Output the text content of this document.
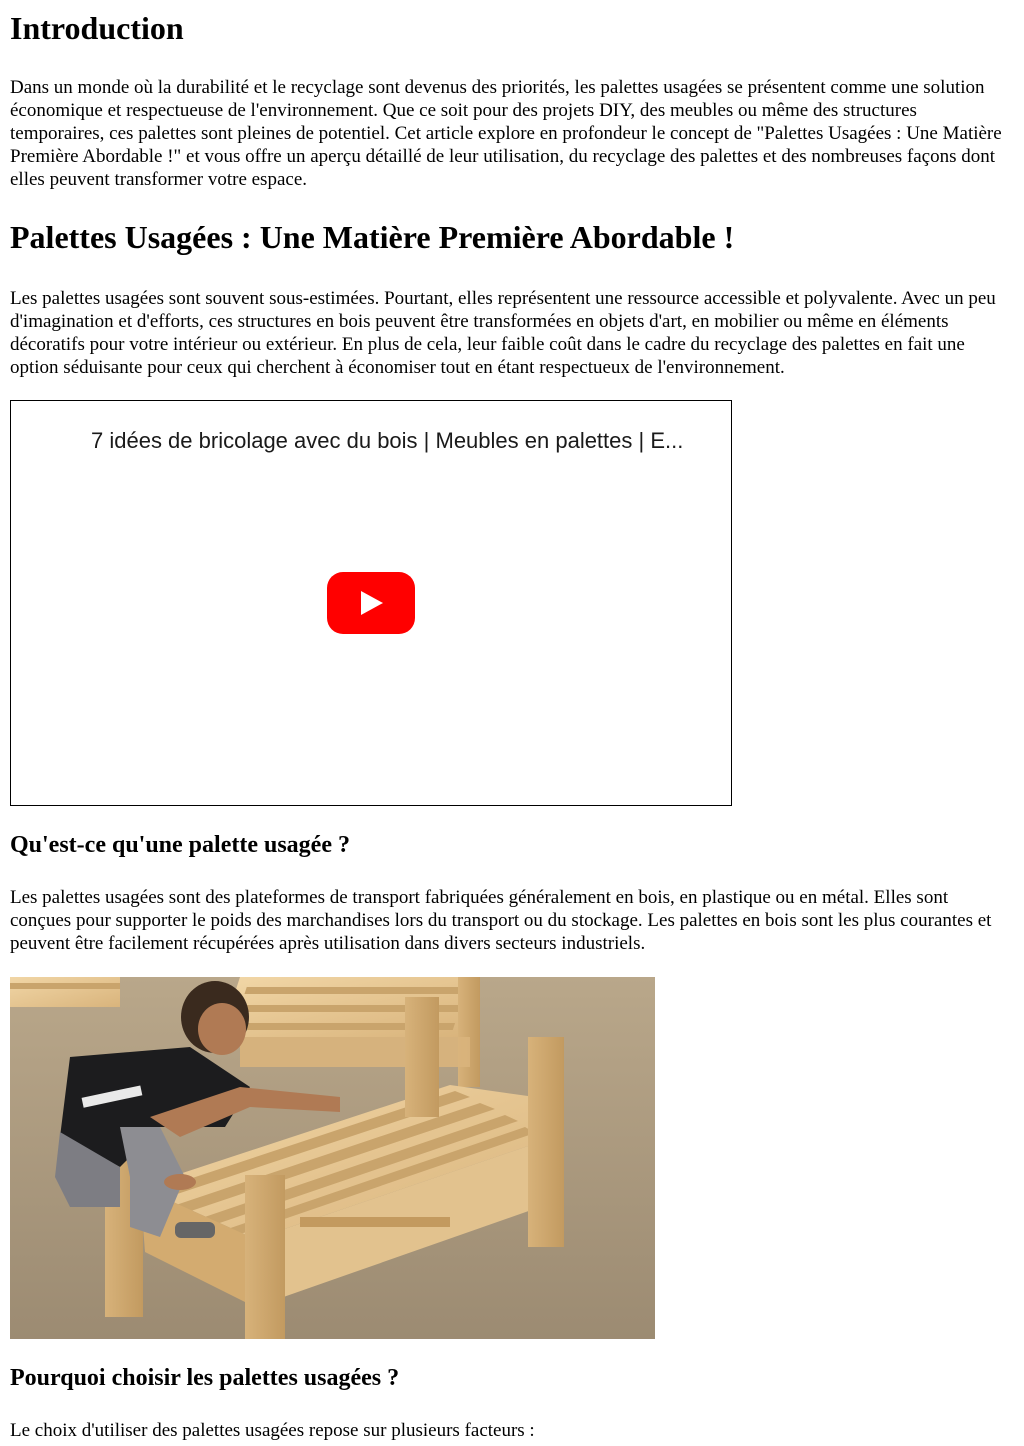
Introduction

Dans un monde où la durabilité et le recyclage sont devenus des priorités, les palettes usagées se présentent comme une solution économique et respectueuse de l'environnement. Que ce soit pour des projets DIY, des meubles ou même des structures temporaires, ces palettes sont pleines de potentiel. Cet article explore en profondeur le concept de "Palettes Usagées : Une Matière Première Abordable !" et vous offre un aperçu détaillé de leur utilisation, du recyclage des palettes et des nombreuses façons dont elles peuvent transformer votre espace.

Palettes Usagées : Une Matière Première Abordable !

Les palettes usagées sont souvent sous-estimées. Pourtant, elles représentent une ressource accessible et polyvalente. Avec un peu d'imagination et d'efforts, ces structures en bois peuvent être transformées en objets d'art, en mobilier ou même en éléments décoratifs pour votre intérieur ou extérieur. En plus de cela, leur faible coût dans le cadre du recyclage des palettes en fait une option séduisante pour ceux qui cherchent à économiser tout en étant respectueux de l'environnement.

7 idées de bricolage avec du bois | Meubles en palettes | E...
Qu'est-ce qu'une palette usagée ?

Les palettes usagées sont des plateformes de transport fabriquées généralement en bois, en plastique ou en métal. Elles sont conçues pour supporter le poids des marchandises lors du transport ou du stockage. Les palettes en bois sont les plus courantes et peuvent être facilement récupérées après utilisation dans divers secteurs industriels.

Pourquoi choisir les palettes usagées ?

Le choix d'utiliser des palettes usagées repose sur plusieurs facteurs :
